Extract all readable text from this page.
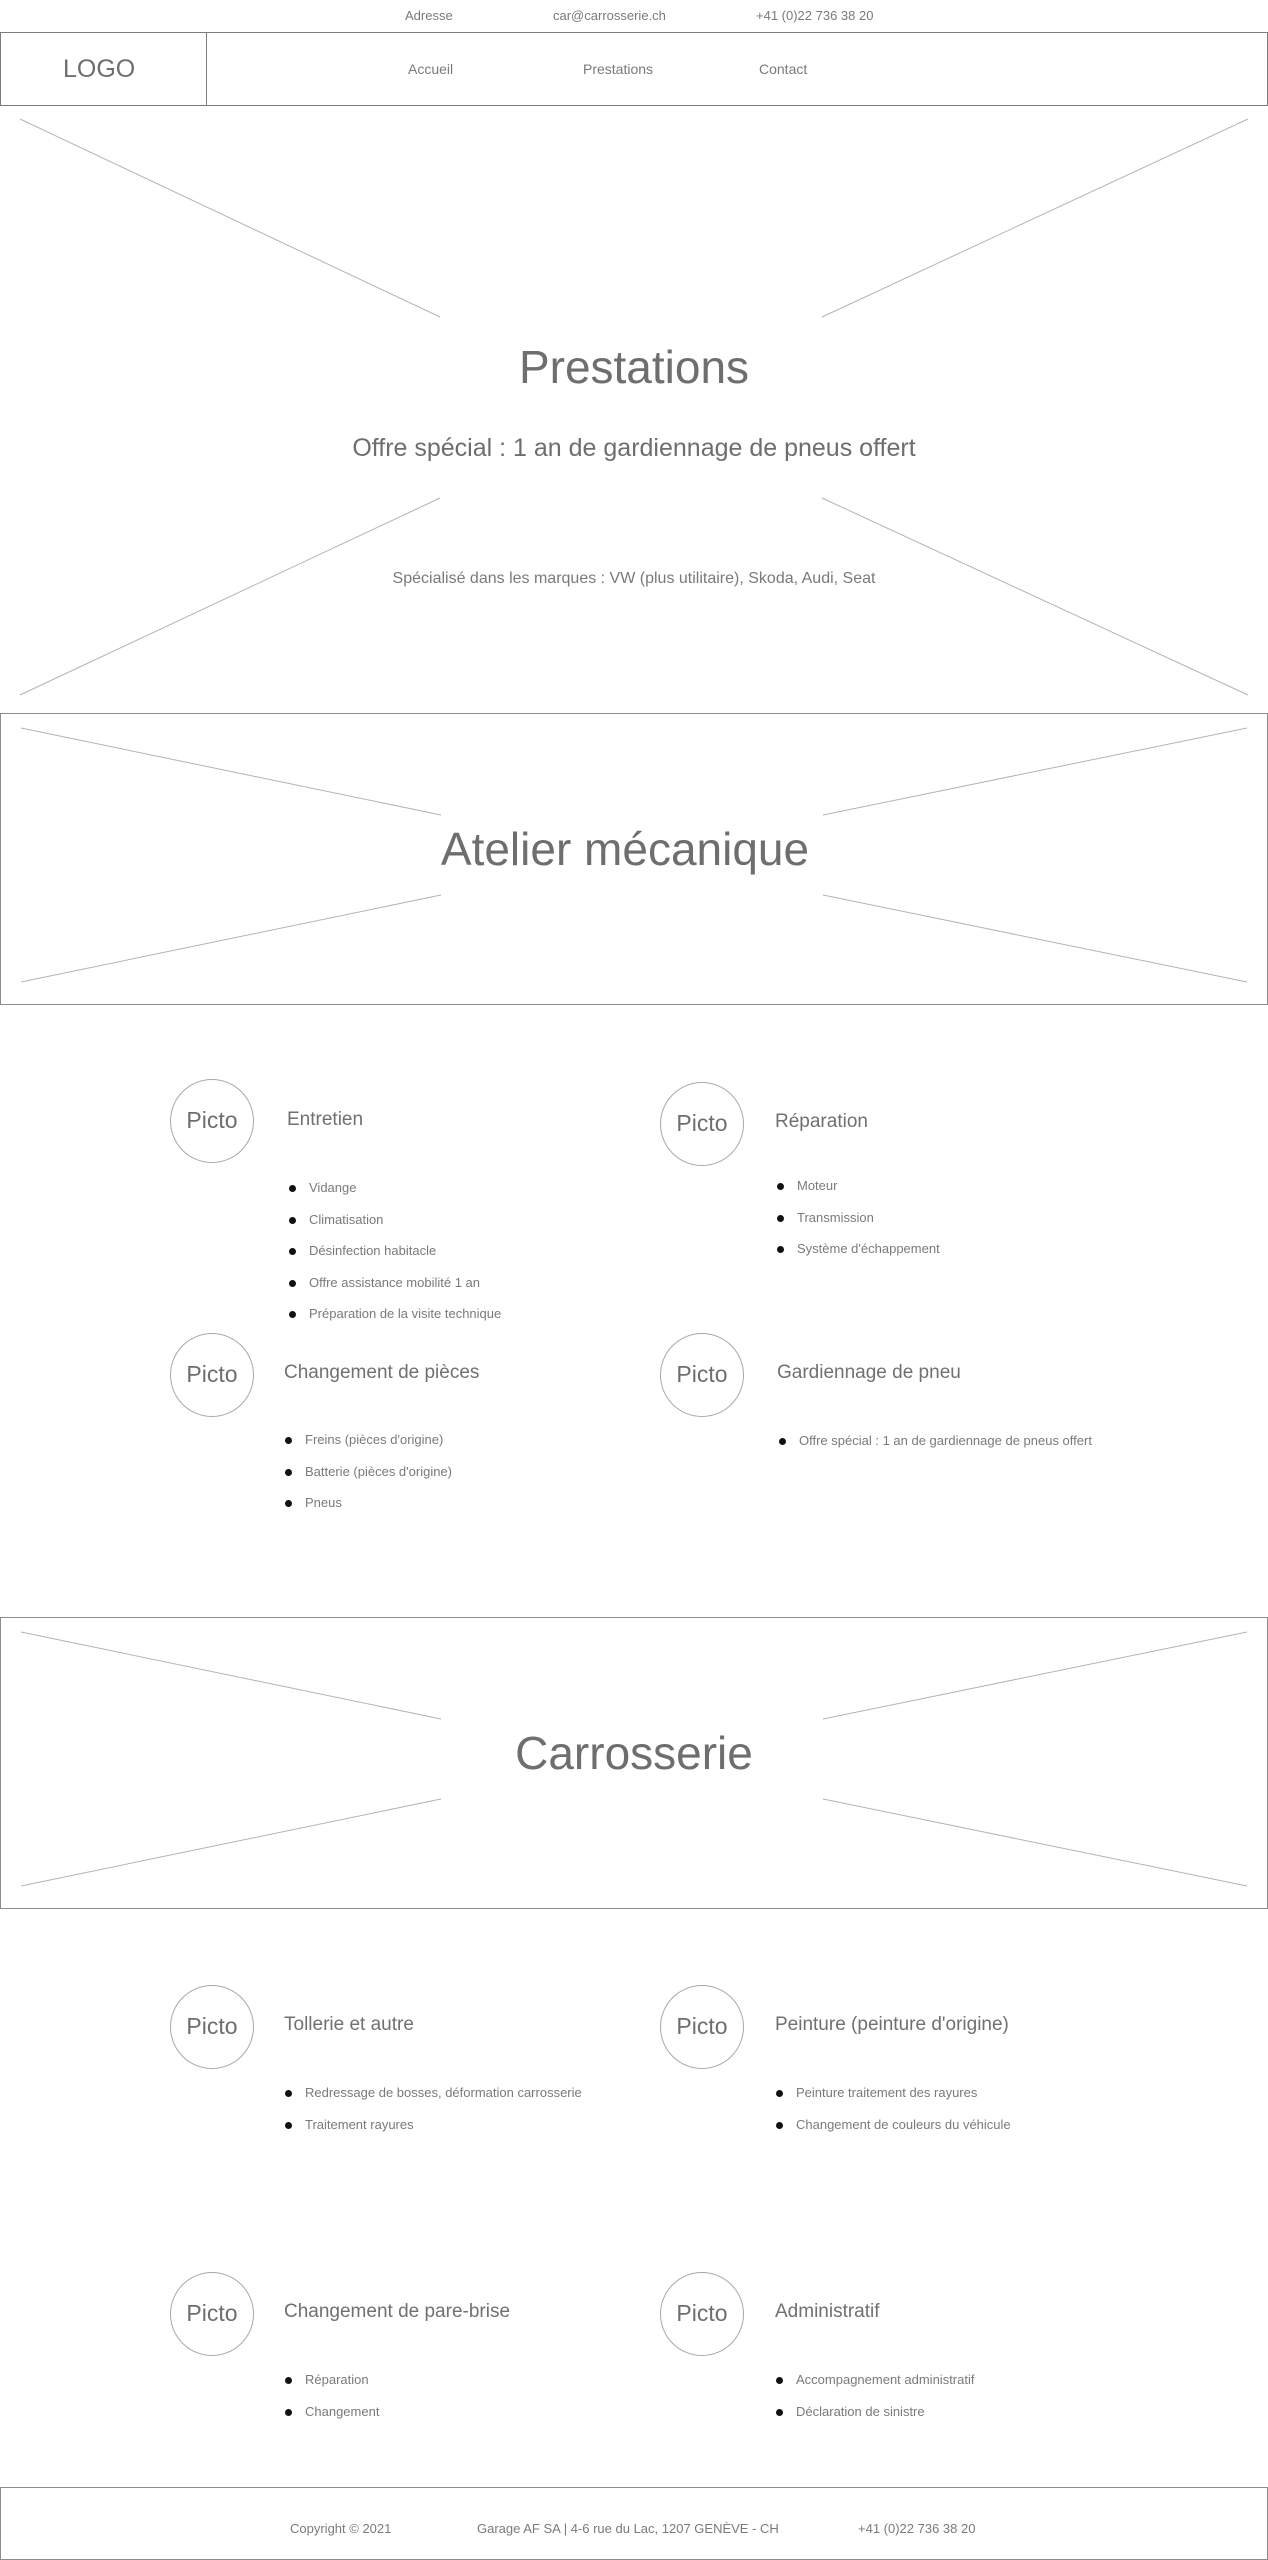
Adresse	car@carrosserie.ch	+41 (0)22 736 38 20
LOGO	Accueil	Prestations	Contact
Prestations
Offre spécial : 1 an de gardiennage de pneus offert
Spécialisé dans les marques : VW (plus utilitaire), Skoda, Audi, Seat
Atelier mécanique
Picto	Entretien
Vidange
Climatisation
Désinfection habitacle
Offre assistance mobilité 1 an
Préparation de la visite technique
Picto	Réparation
Moteur
Transmission
Système d'échappement
Picto	Changement de pièces
Freins (pièces d'origine)
Batterie (pièces d'origine)
Pneus
Picto	Gardiennage de pneu
Offre spécial : 1 an de gardiennage de pneus offert
Carrosserie
Picto	Tollerie et autre
Redressage de bosses, déformation carrosserie
Traitement rayures
Picto	Peinture (peinture d'origine)
Peinture traitement des rayures
Changement de couleurs du véhicule
Picto	Changement de pare-brise
Réparation
Changement
Picto	Administratif
Accompagnement administratif
Déclaration de sinistre
Copyright © 2021	Garage AF SA | 4-6 rue du Lac, 1207 GENÈVE - CH	+41 (0)22 736 38 20
